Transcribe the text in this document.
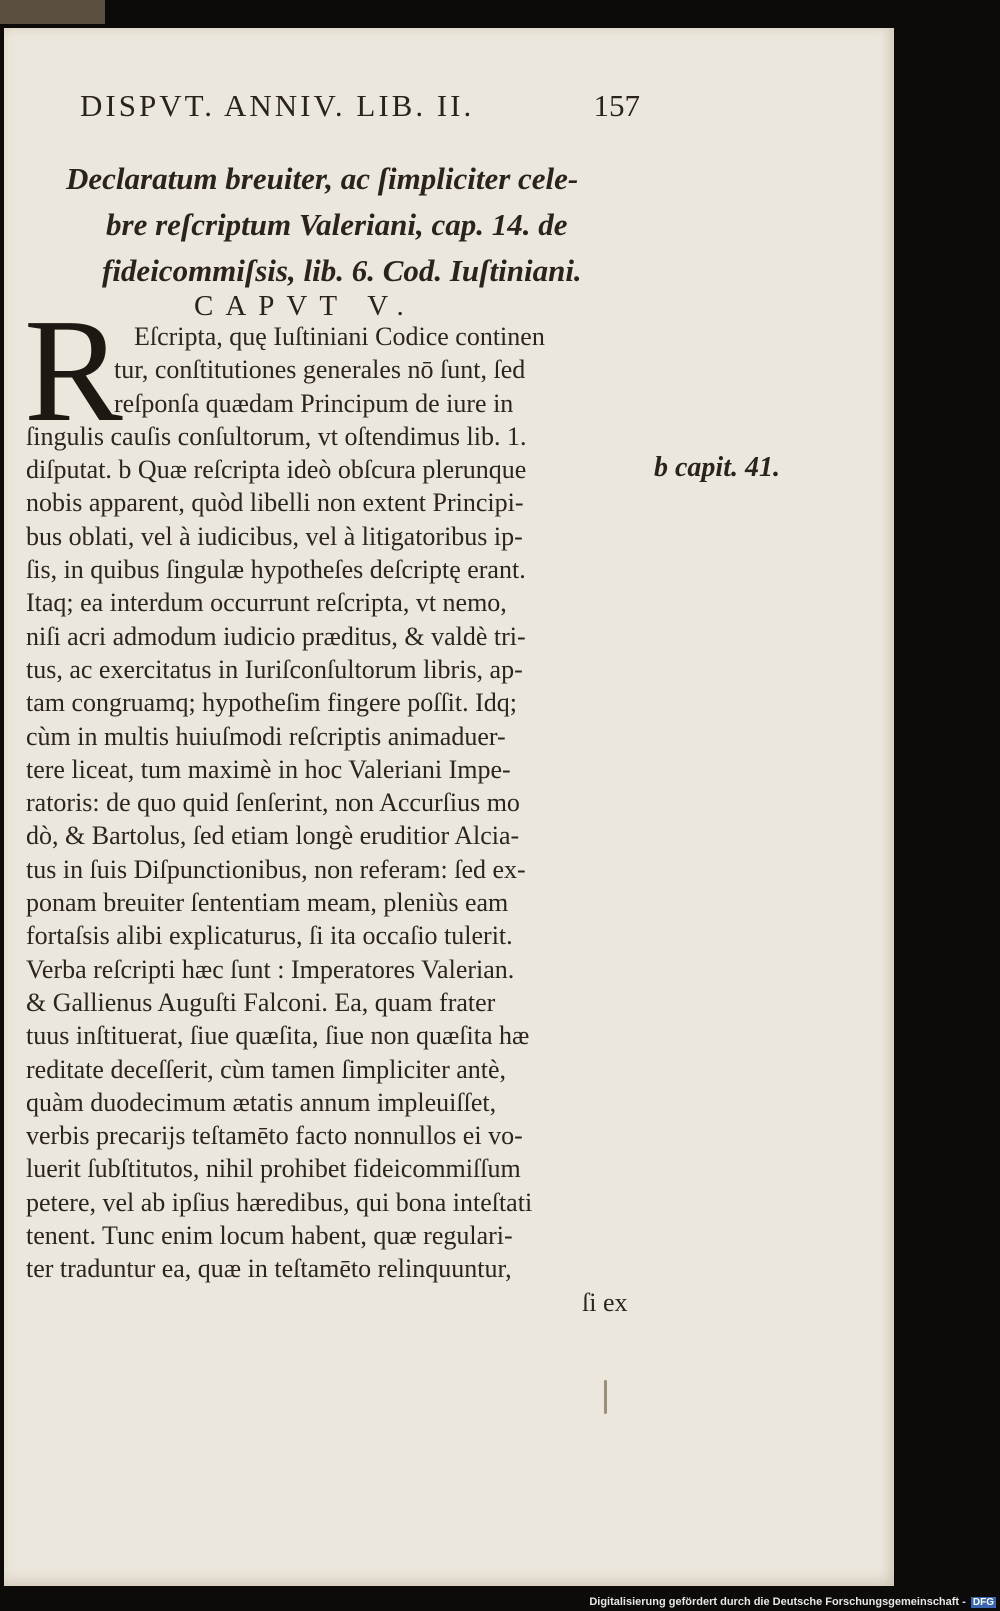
DISPVT. ANNIV. LIB. II.	157
Declaratum breuiter, ac ſimpliciter cele-
bre reſcriptum Valeriani, cap. 14. de
fideicommiſsis, lib. 6. Cod. Iuſtiniani.
CAPVT V.
R Eſcripta, quę Iuſtiniani Codice continen
tur, conſtitutiones generales nō ſunt, ſed
reſponſa quædam Principum de iure in
ſingulis cauſis conſultorum, vt oſtendimus lib. 1.
diſputat. b Quæ reſcripta ideò obſcura plerunque
nobis apparent, quòd libelli non extent Principi-
bus oblati, vel à iudicibus, vel à litigatoribus ip-
ſis, in quibus ſingulæ hypotheſes deſcriptę erant.
Itaq; ea interdum occurrunt reſcripta, vt nemo,
niſi acri admodum iudicio præditus, & valdè tri-
tus, ac exercitatus in Iuriſconſultorum libris, ap-
tam congruamq; hypotheſim fingere poſſit. Idq;
cùm in multis huiuſmodi reſcriptis animaduer-
tere liceat, tum maximè in hoc Valeriani Impe-
ratoris: de quo quid ſenſerint, non Accurſius mo
dò, & Bartolus, ſed etiam longè eruditior Alcia-
tus in ſuis Diſpunctionibus, non referam: ſed ex-
ponam breuiter ſententiam meam, pleniùs eam
fortaſsis alibi explicaturus, ſi ita occaſio tulerit.
Verba reſcripti hæc ſunt : Imperatores Valerian.
& Gallienus Auguſti Falconi. Ea, quam frater
tuus inſtituerat, ſiue quæſita, ſiue non quæſita hæ
reditate deceſſerit, cùm tamen ſimpliciter antè,
quàm duodecimum ætatis annum impleuiſſet,
verbis precarijs teſtamēto facto nonnullos ei vo-
luerit ſubſtitutos, nihil prohibet fideicommiſſum
petere, vel ab ipſius hæredibus, qui bona inteſtati
tenent. Tunc enim locum habent, quæ regulari-
ter traduntur ea, quæ in teſtamēto relinquuntur,
ſi ex
b capit. 41.
Digitalisierung gefördert durch die Deutsche Forschungsgemeinschaft - DFG
